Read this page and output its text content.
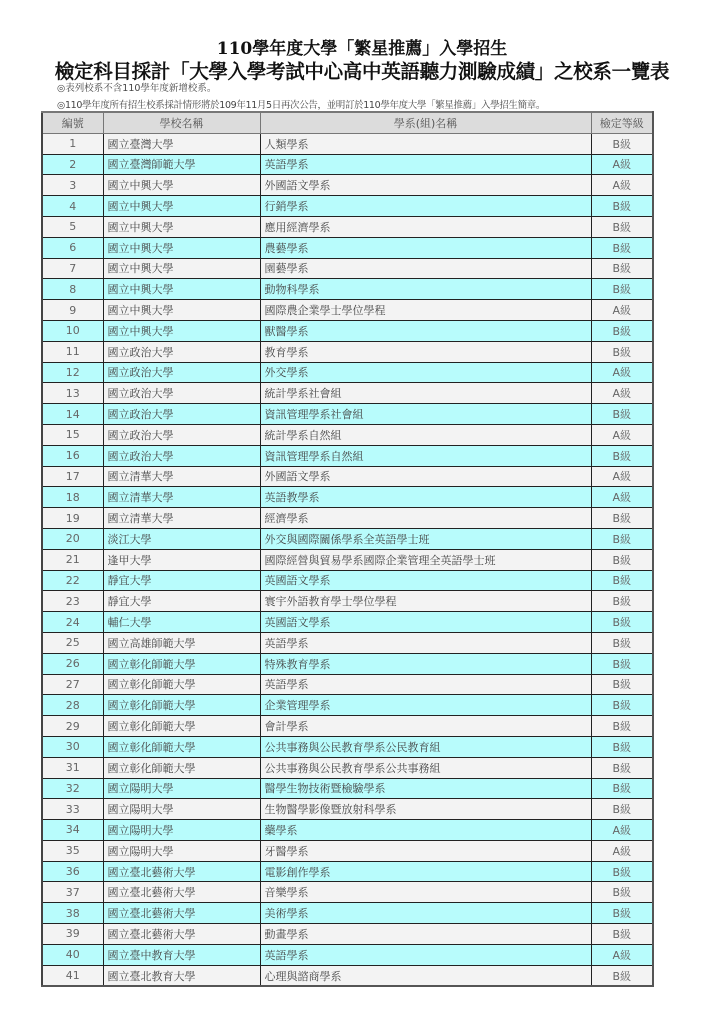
110學年度大學「繁星推薦」入學招生
檢定科目採計「大學入學考試中心高中英語聽力測驗成績」之校系一覽表
◎表列校系不含110學年度新增校系。
◎110學年度所有招生校系採計情形將於109年11月5日再次公告，並明訂於110學年度大學「繁星推薦」入學招生簡章。
編號	學校名稱	學系(組)名稱	檢定等級
1	國立臺灣大學	人類學系	B級
2	國立臺灣師範大學	英語學系	A級
3	國立中興大學	外國語文學系	A級
4	國立中興大學	行銷學系	B級
5	國立中興大學	應用經濟學系	B級
6	國立中興大學	農藝學系	B級
7	國立中興大學	園藝學系	B級
8	國立中興大學	動物科學系	B級
9	國立中興大學	國際農企業學士學位學程	A級
10	國立中興大學	獸醫學系	B級
11	國立政治大學	教育學系	B級
12	國立政治大學	外交學系	A級
13	國立政治大學	統計學系社會組	A級
14	國立政治大學	資訊管理學系社會組	B級
15	國立政治大學	統計學系自然組	A級
16	國立政治大學	資訊管理學系自然組	B級
17	國立清華大學	外國語文學系	A級
18	國立清華大學	英語教學系	A級
19	國立清華大學	經濟學系	B級
20	淡江大學	外交與國際關係學系全英語學士班	B級
21	逢甲大學	國際經營與貿易學系國際企業管理全英語學士班	B級
22	靜宜大學	英國語文學系	B級
23	靜宜大學	寰宇外語教育學士學位學程	B級
24	輔仁大學	英國語文學系	B級
25	國立高雄師範大學	英語學系	B級
26	國立彰化師範大學	特殊教育學系	B級
27	國立彰化師範大學	英語學系	B級
28	國立彰化師範大學	企業管理學系	B級
29	國立彰化師範大學	會計學系	B級
30	國立彰化師範大學	公共事務與公民教育學系公民教育組	B級
31	國立彰化師範大學	公共事務與公民教育學系公共事務組	B級
32	國立陽明大學	醫學生物技術暨檢驗學系	B級
33	國立陽明大學	生物醫學影像暨放射科學系	B級
34	國立陽明大學	藥學系	A級
35	國立陽明大學	牙醫學系	A級
36	國立臺北藝術大學	電影創作學系	B級
37	國立臺北藝術大學	音樂學系	B級
38	國立臺北藝術大學	美術學系	B級
39	國立臺北藝術大學	動畫學系	B級
40	國立臺中教育大學	英語學系	A級
41	國立臺北教育大學	心理與諮商學系	B級
